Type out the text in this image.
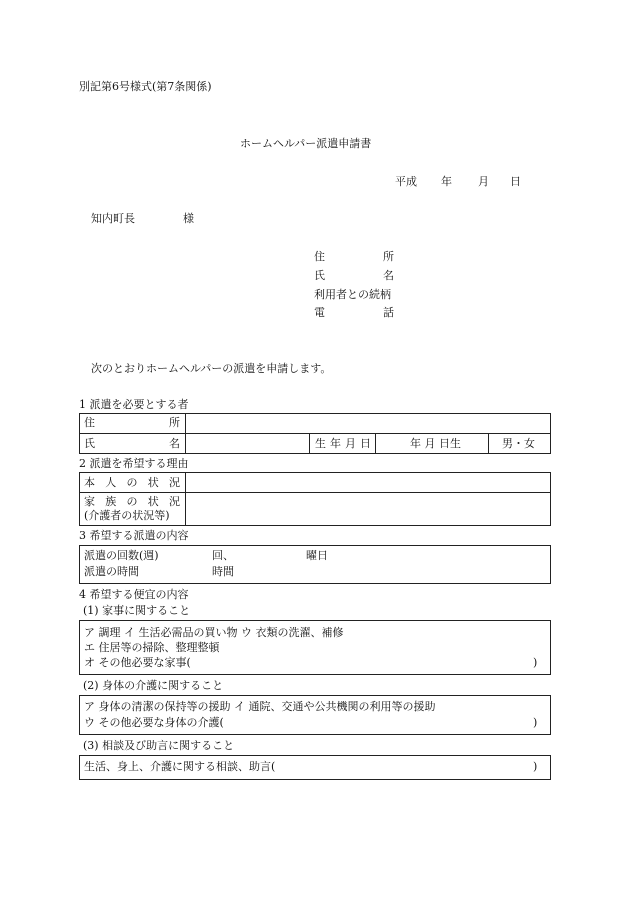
別記第6号様式(第7条関係)
ホームヘルパー派遣申請書
平成 年 月 日
知内町長	様
住所
氏名
利用者との続柄
電話
次のとおりホームヘルパーの派遣を申請します。
1 派遣を必要とする者
住所
氏名	生年月日	年 月 日生	男・女
2 派遣を希望する理由
本人の状況
家族の状況
(介護者の状況等)
3 希望する派遣の内容
派遣の回数(週)	回、	曜日
派遣の時間	時間
4 希望する便宜の内容
(1) 家事に関すること
ア 調理 イ 生活必需品の買い物 ウ 衣類の洗濯、補修
エ 住居等の掃除、整理整頓
オ その他必要な家事(	)
(2) 身体の介護に関すること
ア 身体の清潔の保持等の援助 イ 通院、交通や公共機関の利用等の援助
ウ その他必要な身体の介護(	)
(3) 相談及び助言に関すること
生活、身上、介護に関する相談、助言(	)
